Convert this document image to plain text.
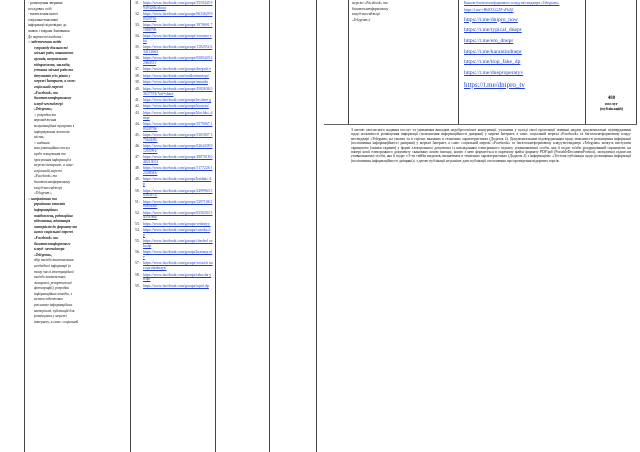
- розміщення звернень

посадових осіб;

- висвітлення іншої

соціально-важливої

інформації відповідно до

заявок і завдань Замовника.

До вартості входить :

○ забезпечення медіа

супроводу діяльності

міської ради, виконавчих

органів, комунальних

підприємств, закладів,

установ міської ради та

депутатів усіх рівнів у

мережі Інтернет, а саме:

соціальній мережі

«Facebook» та

багатоплатформовому

клауд-месенджері

«Telegram»;

○ розробка та

впровадження

комунікаційної програми з

інформування жителів

міста;

○ надання

консультаційних послуг

щодо планування та

просування інформації в

мережі інтернет, а саме:

соціальній мережі

«Facebook» та

багатоплатформовому

клауд-месенджері

«Telegram»;

○ копірайтинг та

рерайтинг текстів

інформаційних

повідомлень, редакційна

підготовка, адаптація

матеріалів до формату та

вимог соціальної мережі

«Facebook» та

багатоплатформового

клауд- месенджера

«Telegram»,

збір та/або виготовлення

необхідної інформації (в

тому числі ілюстраційної

та/або контекстної,

жанрової, репортажної

фотографії), розробка

інформаційних поводів, з

метою підготовки

рекламно-інформаційних

матеріалів, публікацій для

розміщення у мережі

інтернет, а саме: соціальній

31. https://www.facebook.com/groups/5550445 99493266/about
32. https://www.facebook.com/groups/6633629 90529716
33. https://www.facebook.com/groups/1870691 71988798
34. https://www.facebook.com/groups/voronno vka
35. https://www.facebook.com/groups/1102552 634112063
36. https://www.facebook.com/groups/6500420 22464311
37. https://www.facebook.com/groups/dneprsh e
38. https://www.facebook.com/realloveinrnepr/
39. https://www.facebook.com/groups/amurdn
40. https://www.facebook.com/groups/4582636 53637574/?ref=share
41. https://www.facebook.com/groups/lev.bere g
42. https://www.facebook.com/groups/kooiota/
43. https://www.facebook.com/groups/klochko. dnepr
44. https://www.facebook.com/groups/2570067 18528758/
45. https://www.facebook.com/groups/5301807 37564180/
46. https://www.facebook.com/groups/6264438 91265991/
47. https://www.facebook.com/groups/2887018 048213013
48. https://www.facebook.com/groups/5177226 12248043/
49. https://www.facebook.com/groups/kaidaki. dp
50. https://www.facebook.com/groups/2499963 56365472/
51. https://www.facebook.com/groups/2397106 50585149/
52. https://www.facebook.com/groups/6556303 34551984/
53. https://www.facebook.com/groups/verhniyy.
54. https://www.facebook.com/groups/rozetka.d p
55. https://www.facebook.com/groups/chechel ovka.dp
56. https://www.facebook.com/groups/krasnop ole
57. https://www.facebook.com/groups/vostoch naya.prohodnaya/
58. https://www.facebook.com/groups/rabocha ya.dp/
59. https://www.facebook.com/groups/topol.dp

мережі «Facebook» та

багатоплатформовому

клауд-месенджері

«Telegram»)

Канали багатоплатформового клауд-месенджера «Telegram»:
https://t.me/+Hh8XGGZP-sFhZjI
https://t.me/dnipro_now
https://t.me/typical_dnepr
https://t.me/eto_dnepr
https://t.me/karantindnepr
https://t.me/ttop_fake_dp
https://t.me/dneproperatyv
https://t.me/dnipro_tv
480
послуг
(публікацій)
З метою своєчасного надання послуг та уникнення випадків недобросовісної конкуренції, учасники у складі своєї пропозиції повинні надати документальне підтвердження щодо можливості розміщення інформації (поліпшення інформаційності дніпряні) у мережі Інтернет, а саме: соціальній мережі «Facebook» та багатоплатформовому клауд-месенджері «Telegram» на умовах та в строки, вказаних в технічних характеристиках (Додаток 2). Документальним підтвердженням щодо можливості розміщення інформації (поліпшення інформаційності дніпряні) у мережі Інтернет, а саме: соціальній мережі «Facebook» та багатоплатформовому клауд-месенджері «Telegram» можуть виступати скриншоти (знімки екранів) у формі електронного документа із накладанням електронного підпису уповноваженої особи, яка її подає та/або роздрукований скриншоти, на папері копії електронного документу скановану копію вигляді, копію з нею формується в окремому файлі формату PDF/pdf (PortableDocumentFormat), засвідченої підписом уповноваженої особи, яка її подає з 5-ти тайбів видатків, визначених в технічних характеристиках (Додаток 2) з інформацією: «Тестова публікація щодо розміщення інформації (поліпшення інформаційності дніпряні)» з датою публікації не раніше дати публікації оголошення про проведення відкритих торгів.
